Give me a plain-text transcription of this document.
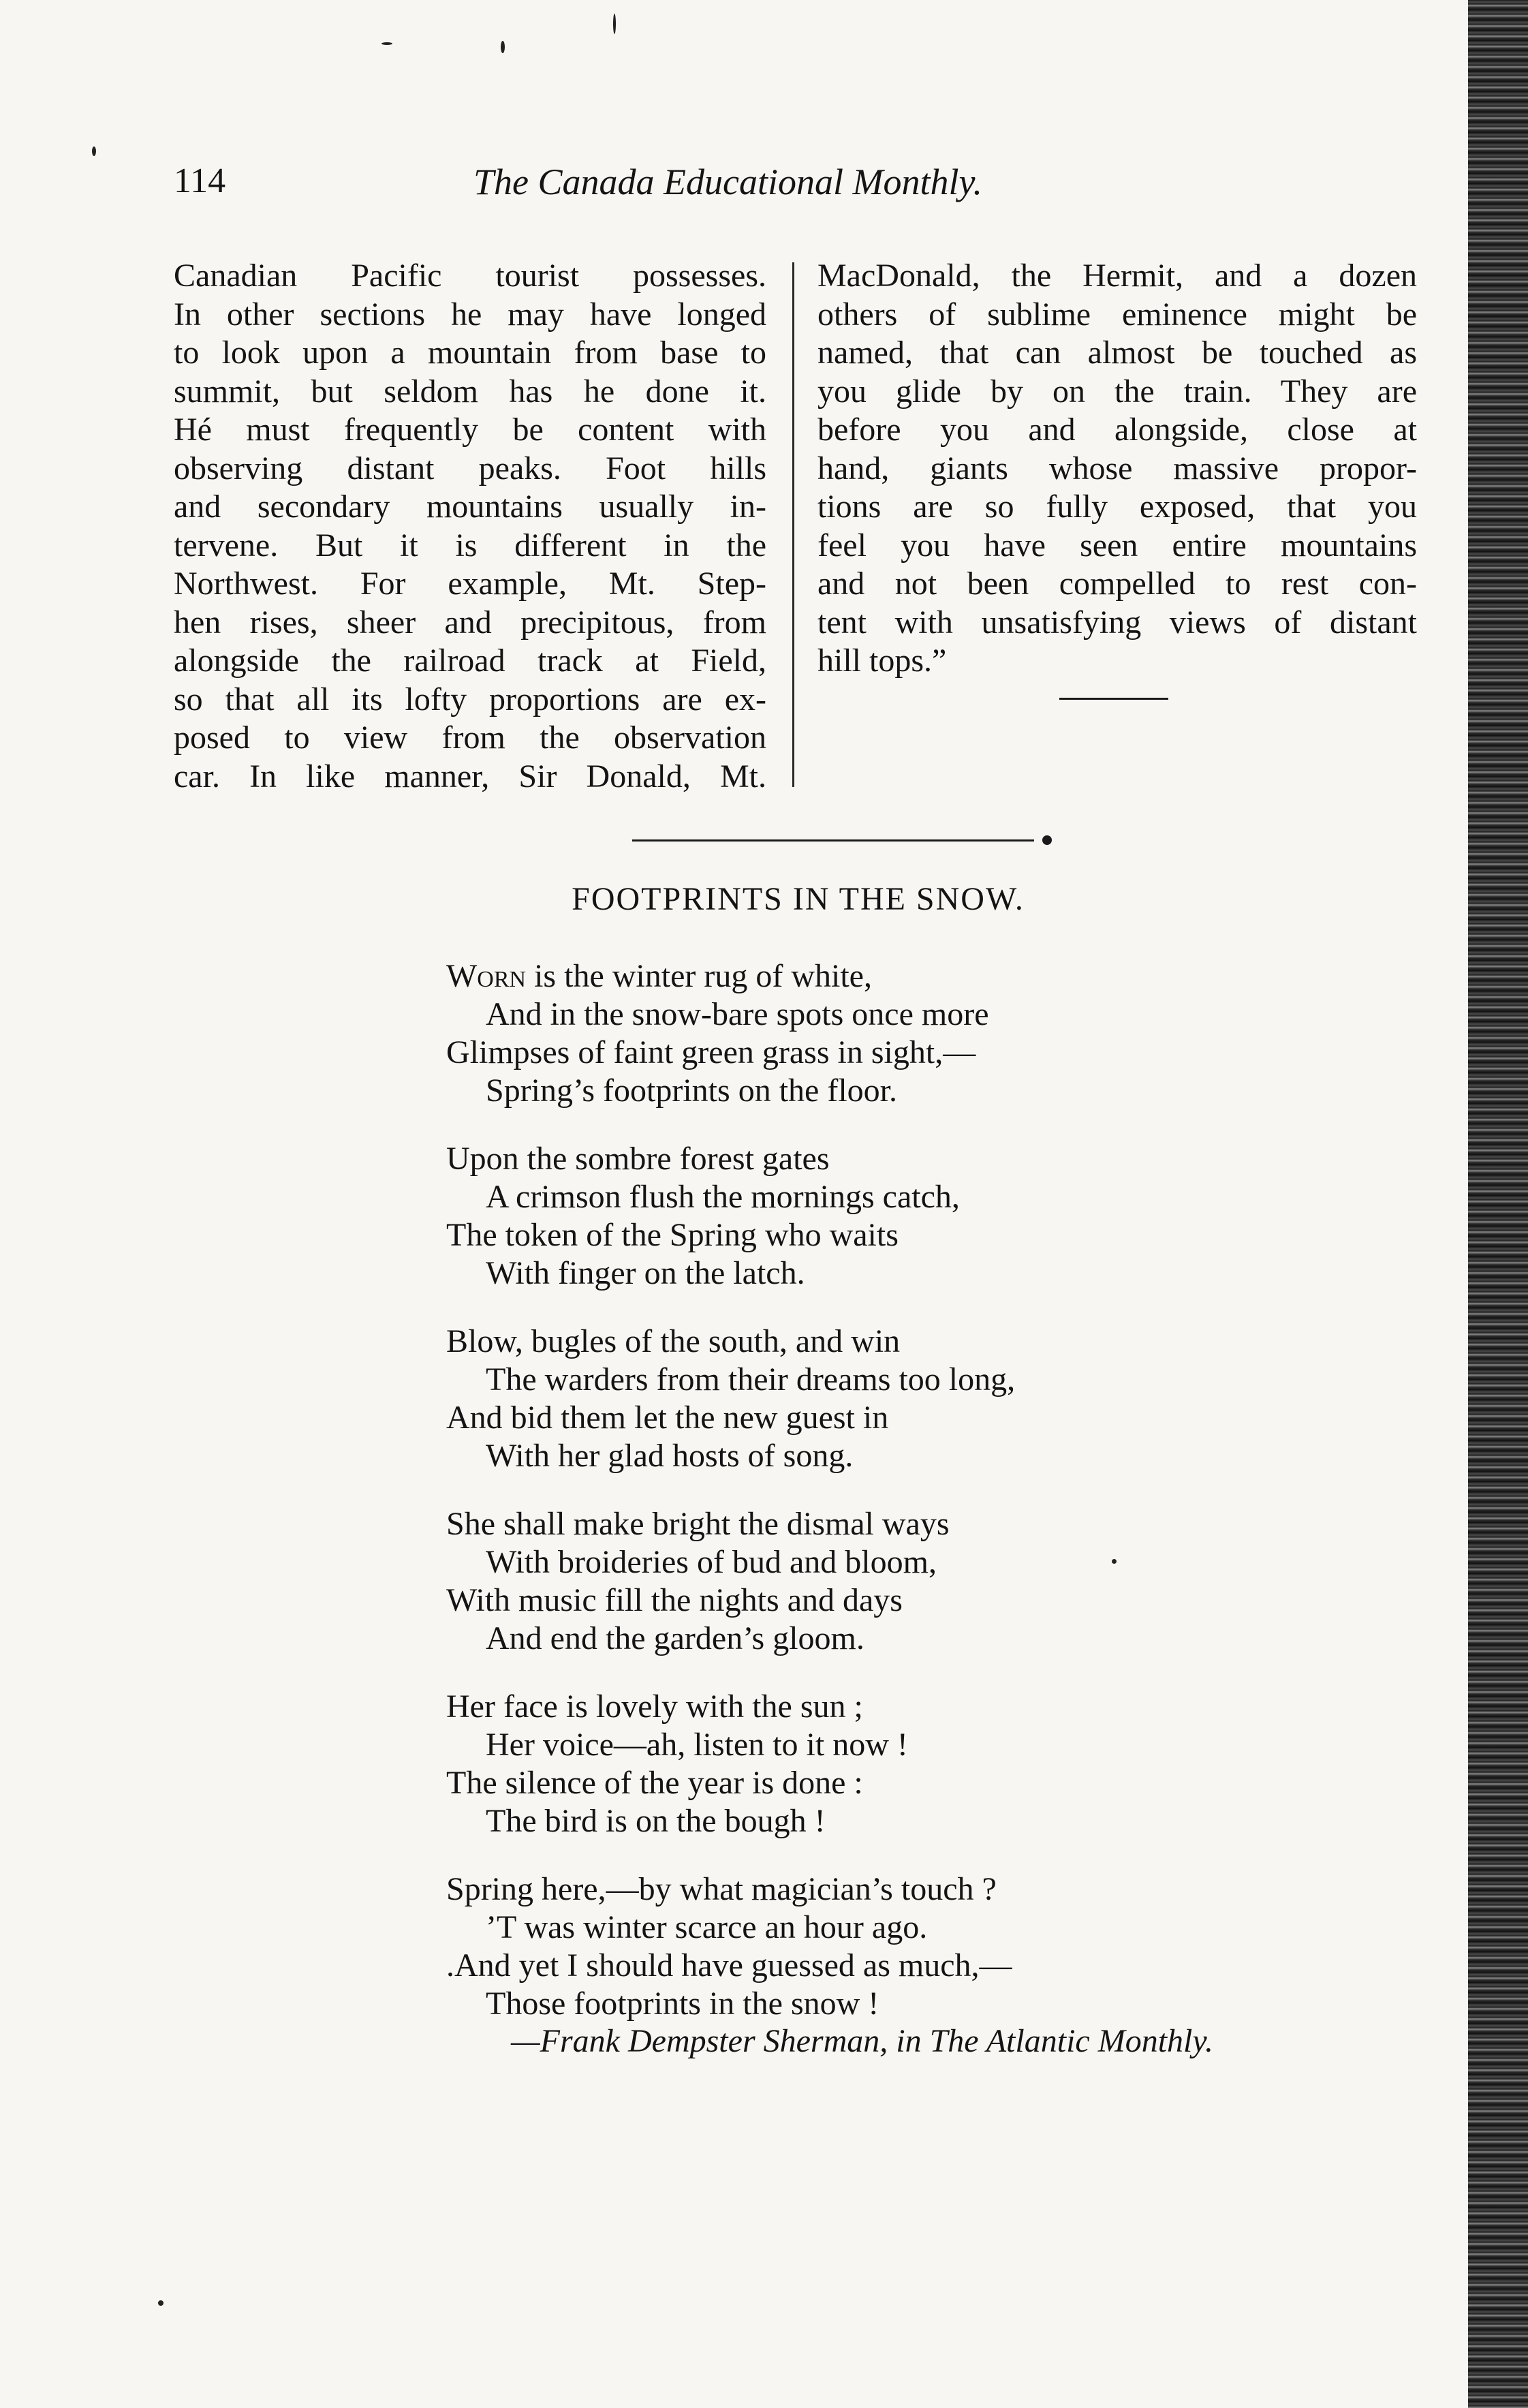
114	The Canada Educational Monthly.
Canadian Pacific tourist possesses.
In other sections he may have longed
to look upon a mountain from base to
summit, but seldom has he done it.
Hé must frequently be content with
observing distant peaks. Foot hills
and secondary mountains usually in-
tervene. But it is different in the
Northwest. For example, Mt. Step-
hen rises, sheer and precipitous, from
alongside the railroad track at Field,
so that all its lofty proportions are ex-
posed to view from the observation
car. In like manner, Sir Donald, Mt.
MacDonald, the Hermit, and a dozen
others of sublime eminence might be
named, that can almost be touched as
you glide by on the train. They are
before you and alongside, close at
hand, giants whose massive propor-
tions are so fully exposed, that you
feel you have seen entire mountains
and not been compelled to rest con-
tent with unsatisfying views of distant
hill tops.”
FOOTPRINTS IN THE SNOW.
Worn is the winter rug of white,
And in the snow-bare spots once more
Glimpses of faint green grass in sight,—
Spring’s footprints on the floor.
Upon the sombre forest gates
A crimson flush the mornings catch,
The token of the Spring who waits
With finger on the latch.
Blow, bugles of the south, and win
The warders from their dreams too long,
And bid them let the new guest in
With her glad hosts of song.
She shall make bright the dismal ways
With broideries of bud and bloom,
With music fill the nights and days
And end the garden’s gloom.
Her face is lovely with the sun ;
Her voice—ah, listen to it now !
The silence of the year is done :
The bird is on the bough !
Spring here,—by what magician’s touch ?
’T was winter scarce an hour ago.
.And yet I should have guessed as much,—
Those footprints in the snow !
—Frank Dempster Sherman, in The Atlantic Monthly.
